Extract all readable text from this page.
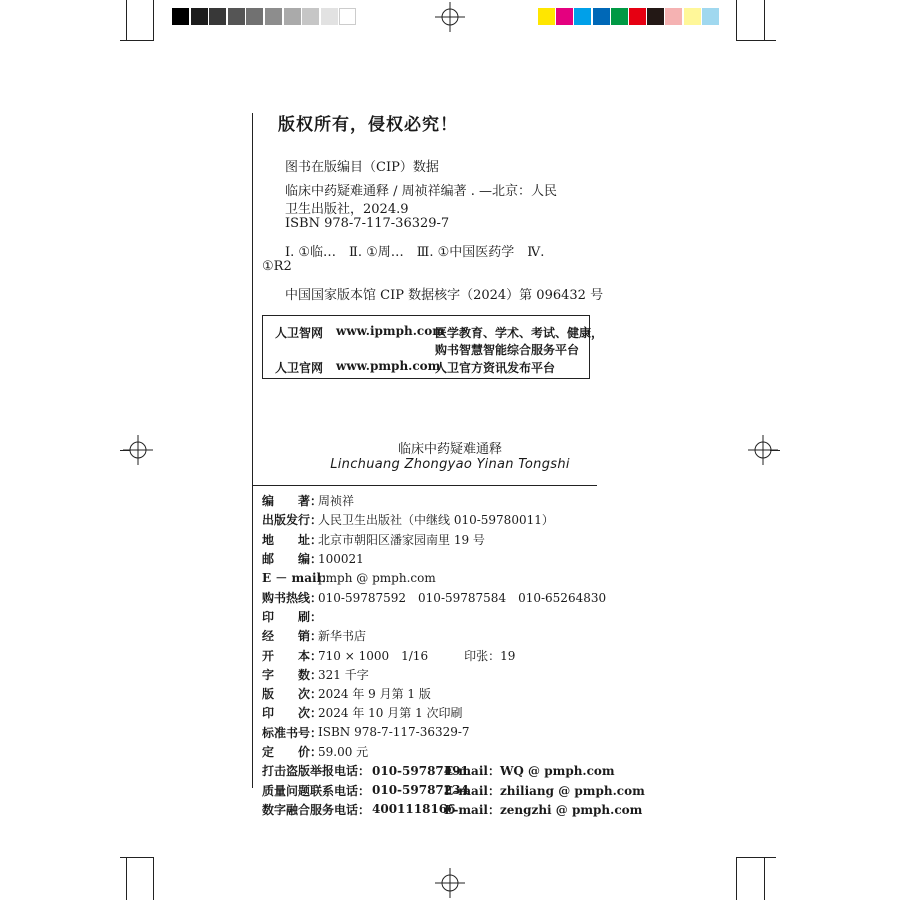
版权所有，侵权必究！
图书在版编目（CIP）数据
临床中药疑难通释 / 周祯祥编著 . —北京：人民
卫生出版社，2024.9
ISBN 978-7-117-36329-7
Ⅰ. ①临…　Ⅱ. ①周…　Ⅲ. ①中国医药学　Ⅳ.
①R2
中国国家版本馆 CIP 数据核字（2024）第 096432 号
人卫智网 www.ipmph.com
医学教育、学术、考试、健康，
购书智慧智能综合服务平台
人卫官网 www.pmph.com
人卫官方资讯发布平台
临床中药疑难通释
Linchuang Zhongyao Yinan Tongshi
编　　著：
周祯祥
出版发行：
人民卫生出版社（中继线 010-59780011）
地　　址：
北京市朝阳区潘家园南里 19 号
邮　　编：
100021
E － mail：
pmph @ pmph.com
购书热线：
010-59787592　010-59787584　010-65264830
印　　刷：
经　　销：
新华书店
开　　本：
710 × 1000　1/16　　　印张：19
字　　数：
321 千字
版　　次：
2024 年 9 月第 1 版
印　　次：
2024 年 10 月第 1 次印刷
标准书号：
ISBN 978-7-117-36329-7
定　　价：
59.00 元
打击盗版举报电话： 010-59787491
E-mail：WQ @ pmph.com
质量问题联系电话： 010-59787234
E-mail：zhiliang @ pmph.com
数字融合服务电话： 4001118166
E-mail：zengzhi @ pmph.com
